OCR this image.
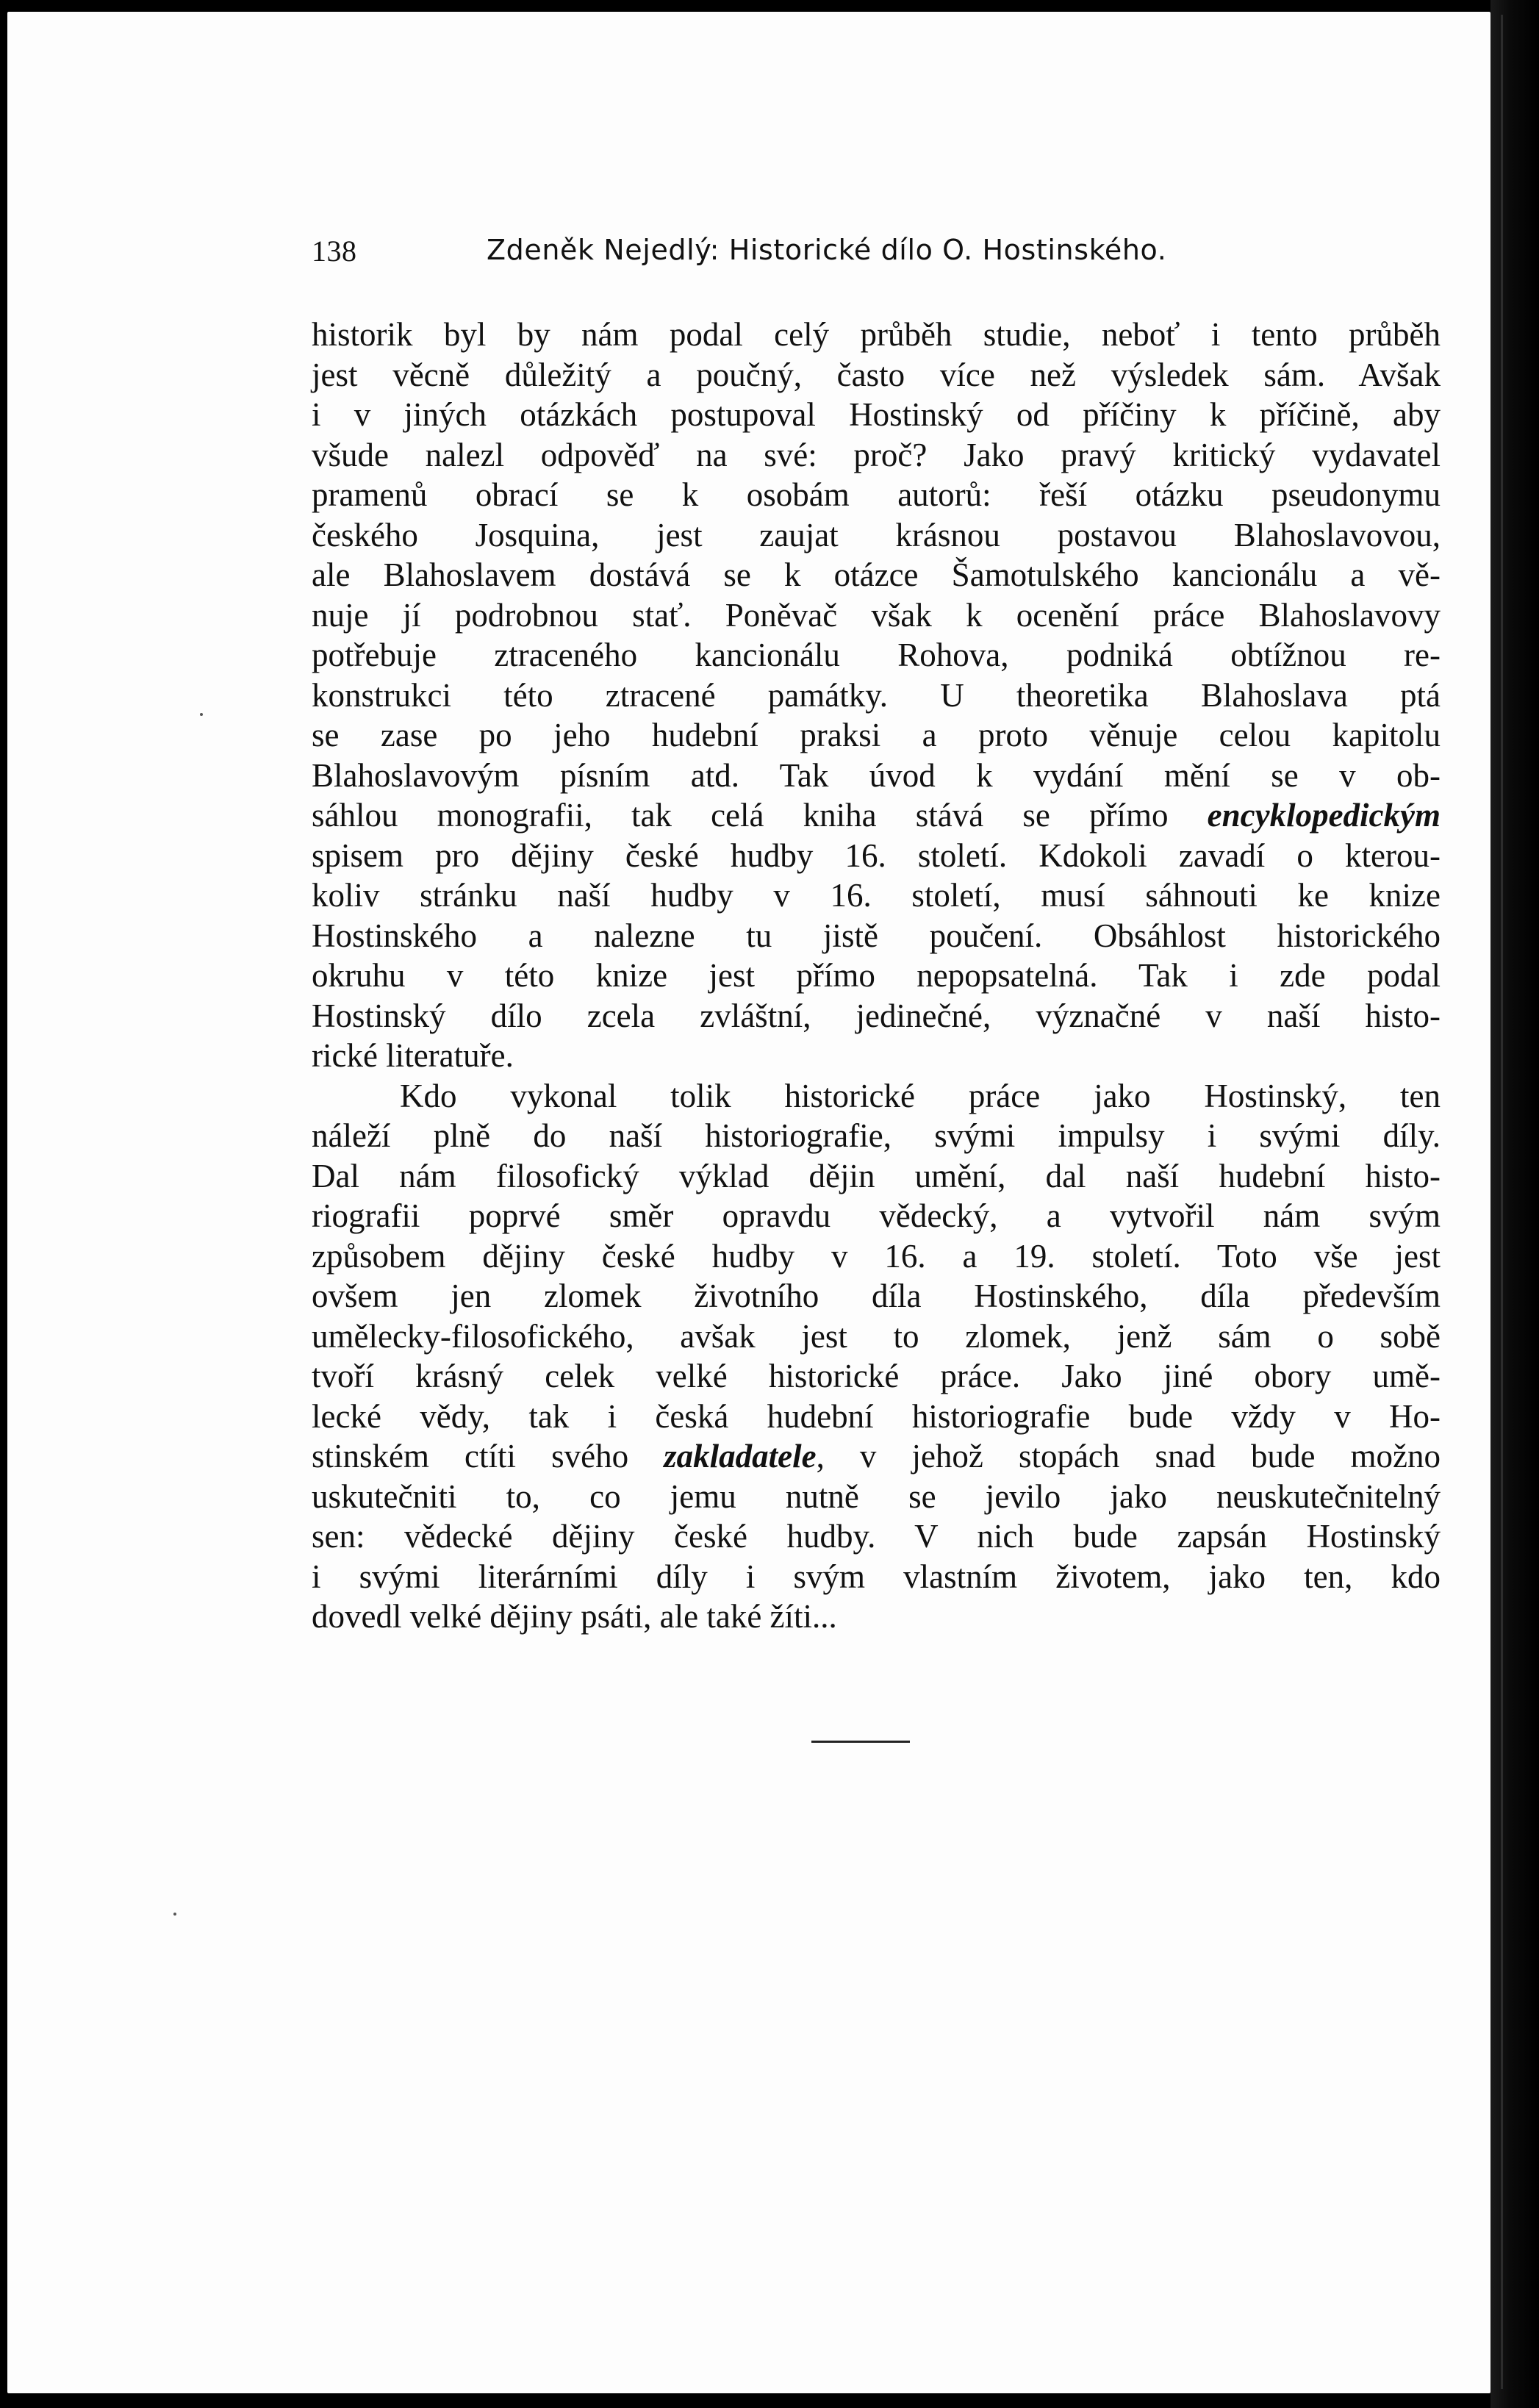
138	Zdeněk Nejedlý: Historické dílo O. Hostinského.
historik byl by nám podal celý průběh studie, neboť i tento průběh
jest věcně důležitý a poučný, často více než výsledek sám. Avšak
i v jiných otázkách postupoval Hostinský od příčiny k příčině, aby
všude nalezl odpověď na své: proč? Jako pravý kritický vydavatel
pramenů obrací se k osobám autorů: řeší otázku pseudonymu
českého Josquina, jest zaujat krásnou postavou Blahoslavovou,
ale Blahoslavem dostává se k otázce Šamotulského kancionálu a vě-
nuje jí podrobnou stať. Poněvač však k ocenění práce Blahoslavovy
potřebuje ztraceného kancionálu Rohova, podniká obtížnou re-
konstrukci této ztracené památky. U theoretika Blahoslava ptá
se zase po jeho hudební praksi a proto věnuje celou kapitolu
Blahoslavovým písním atd. Tak úvod k vydání mění se v ob-
sáhlou monografii, tak celá kniha stává se přímo encyklopedickým
spisem pro dějiny české hudby 16. století. Kdokoli zavadí o kterou-
koliv stránku naší hudby v 16. století, musí sáhnouti ke knize
Hostinského a nalezne tu jistě poučení. Obsáhlost historického
okruhu v této knize jest přímo nepopsatelná. Tak i zde podal
Hostinský dílo zcela zvláštní, jedinečné, význačné v naší histo-
rické literatuře.
Kdo vykonal tolik historické práce jako Hostinský, ten
náleží plně do naší historiografie, svými impulsy i svými díly.
Dal nám filosofický výklad dějin umění, dal naší hudební histo-
riografii poprvé směr opravdu vědecký, a vytvořil nám svým
způsobem dějiny české hudby v 16. a 19. století. Toto vše jest
ovšem jen zlomek životního díla Hostinského, díla především
umělecky-filosofického, avšak jest to zlomek, jenž sám o sobě
tvoří krásný celek velké historické práce. Jako jiné obory umě-
lecké vědy, tak i česká hudební historiografie bude vždy v Ho-
stinském ctíti svého zakladatele, v jehož stopách snad bude možno
uskutečniti to, co jemu nutně se jevilo jako neuskutečnitelný
sen: vědecké dějiny české hudby. V nich bude zapsán Hostinský
i svými literárními díly i svým vlastním životem, jako ten, kdo
dovedl velké dějiny psáti, ale také žíti...
